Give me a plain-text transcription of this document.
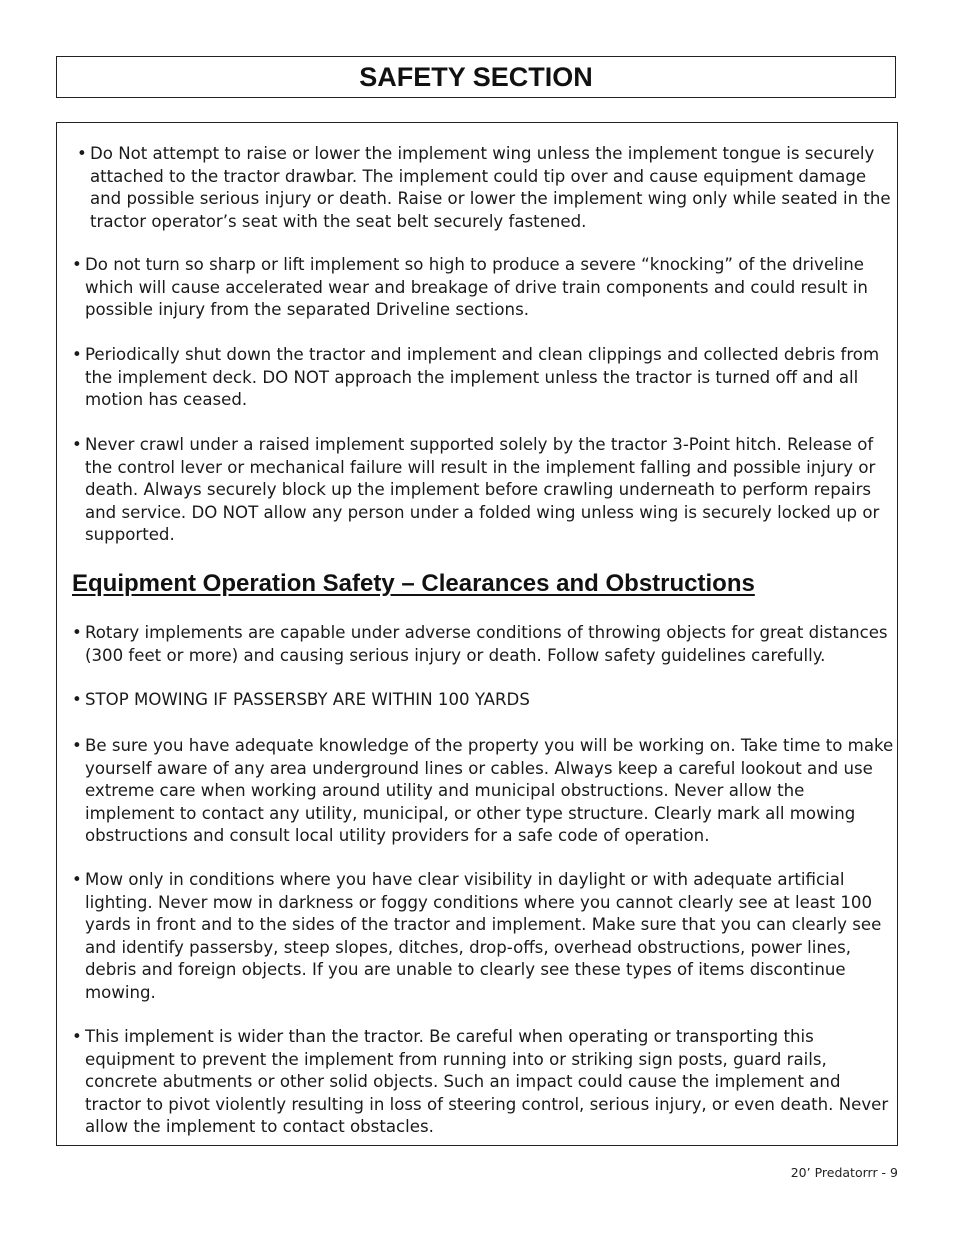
SAFETY SECTION
• Do Not attempt to raise or lower the implement wing unless the implement tongue is securely attached to the tractor drawbar. The implement could tip over and cause equipment damage and possible serious injury or death. Raise or lower the implement wing only while seated in the tractor operator’s seat with the seat belt securely fastened.
• Do not turn so sharp or lift implement so high to produce a severe “knocking” of the driveline which will cause accelerated wear and breakage of drive train components and could result in possible injury from the separated Driveline sections.
• Periodically shut down the tractor and implement and clean clippings and collected debris from the implement deck. DO NOT approach the implement unless the tractor is turned off and all motion has ceased.
• Never crawl under a raised implement supported solely by the tractor 3-Point hitch. Release of the control lever or mechanical failure will result in the implement falling and possible injury or death. Always securely block up the implement before crawling underneath to perform repairs and service. DO NOT allow any person under a folded wing unless wing is securely locked up or supported.
Equipment Operation Safety – Clearances and Obstructions
• Rotary implements are capable under adverse conditions of throwing objects for great distances (300 feet or more) and causing serious injury or death. Follow safety guidelines carefully.
• STOP MOWING IF PASSERSBY ARE WITHIN 100 YARDS
• Be sure you have adequate knowledge of the property you will be working on. Take time to make yourself aware of any area underground lines or cables. Always keep a careful lookout and use extreme care when working around utility and municipal obstructions. Never allow the implement to contact any utility, municipal, or other type structure. Clearly mark all mowing obstructions and consult local utility providers for a safe code of operation.
• Mow only in conditions where you have clear visibility in daylight or with adequate artificial lighting. Never mow in darkness or foggy conditions where you cannot clearly see at least 100 yards in front and to the sides of the tractor and implement. Make sure that you can clearly see and identify passersby, steep slopes, ditches, drop-offs, overhead obstructions, power lines, debris and foreign objects. If you are unable to clearly see these types of items discontinue mowing.
• This implement is wider than the tractor. Be careful when operating or transporting this equipment to prevent the implement from running into or striking sign posts, guard rails, concrete abutments or other solid objects. Such an impact could cause the implement and tractor to pivot violently resulting in loss of steering control, serious injury, or even death. Never allow the implement to contact obstacles.
20’ Predatorrr - 9
